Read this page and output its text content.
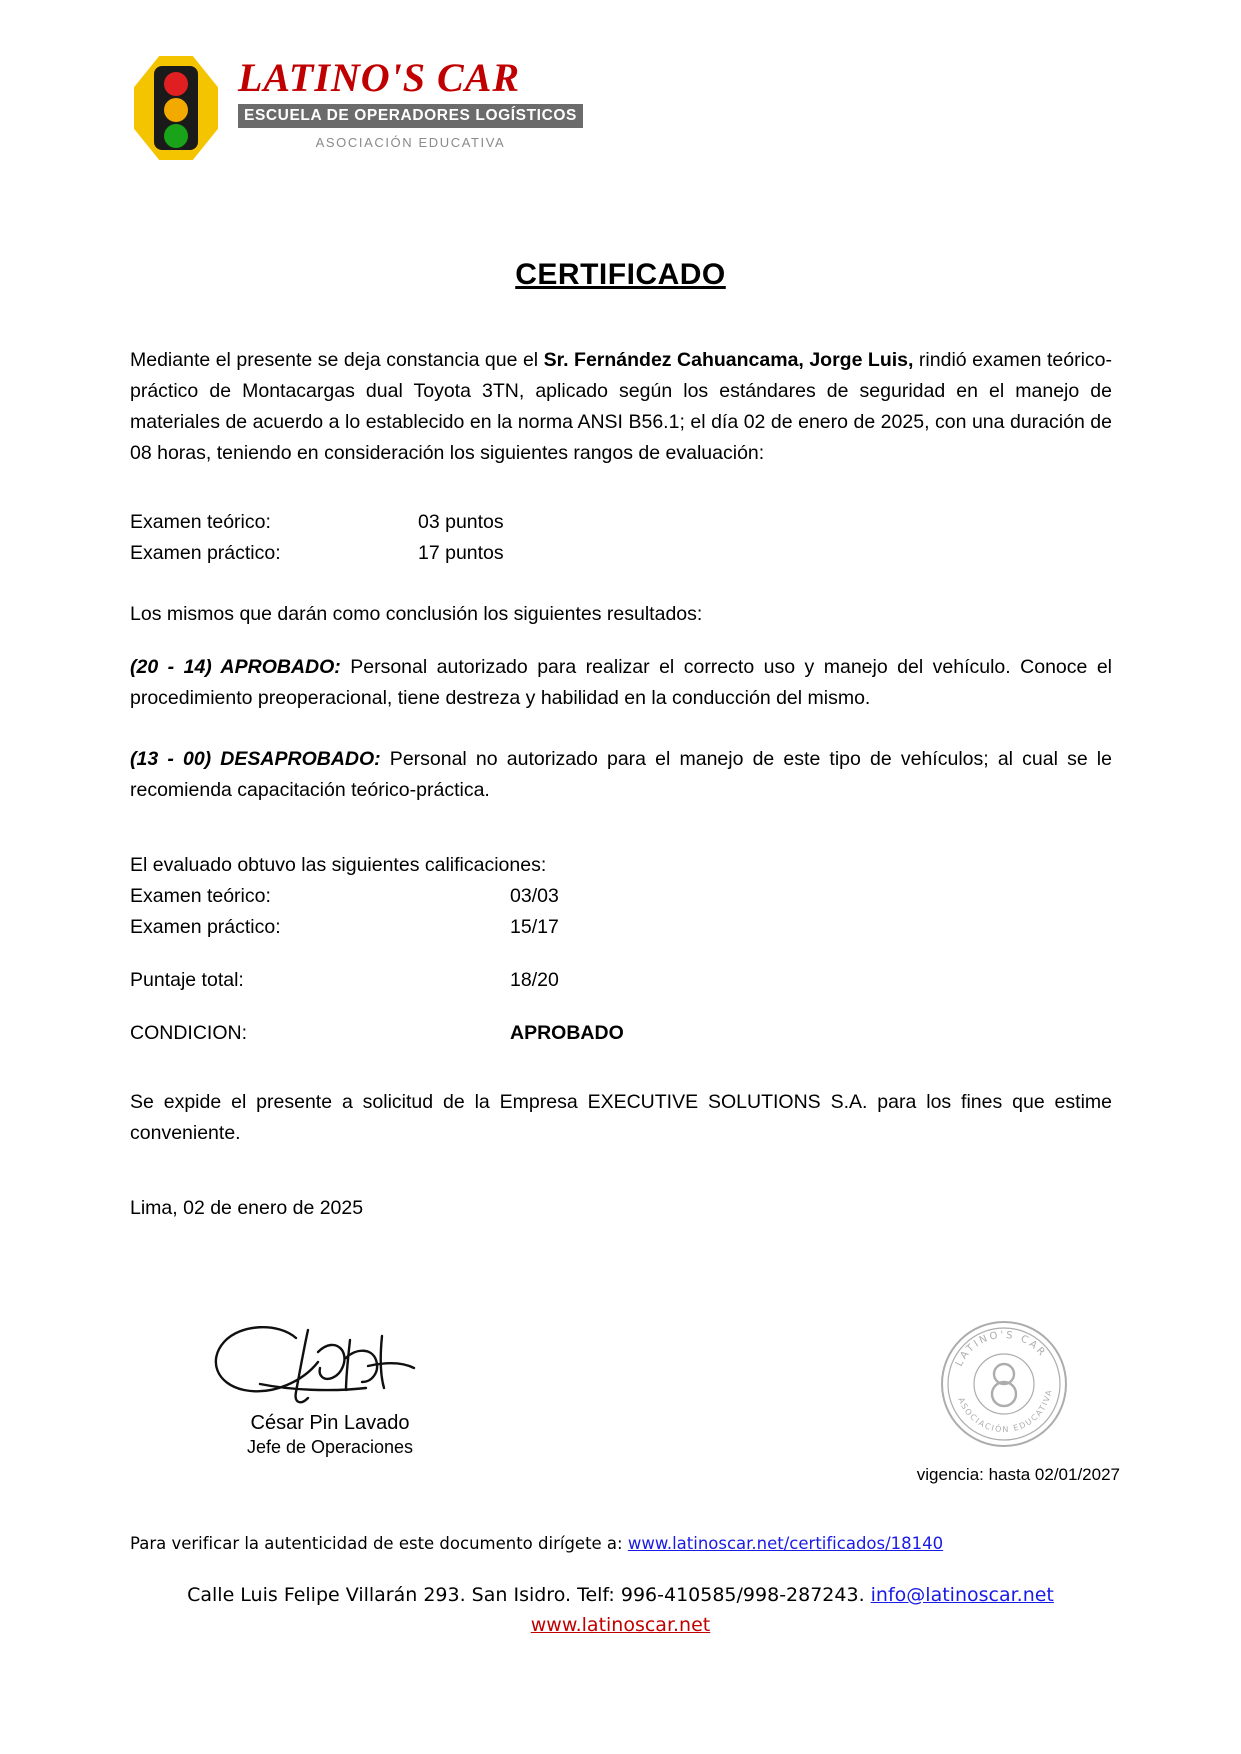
LATINO'S CAR
ESCUELA DE OPERADORES LOGÍSTICOS
ASOCIACIÓN EDUCATIVA
CERTIFICADO

Mediante el presente se deja constancia que el Sr. Fernández Cahuancama, Jorge Luis, rindió examen teórico-práctico de Montacargas dual Toyota 3TN, aplicado según los estándares de seguridad en el manejo de materiales de acuerdo a lo establecido en la norma ANSI B56.1; el día 02 de enero de 2025, con una duración de 08 horas, teniendo en consideración los siguientes rangos de evaluación:

Examen teórico:	03 puntos
Examen práctico:	17 puntos

Los mismos que darán como conclusión los siguientes resultados:

(20 - 14) APROBADO: Personal autorizado para realizar el correcto uso y manejo del vehículo. Conoce el procedimiento preoperacional, tiene destreza y habilidad en la conducción del mismo.

(13 - 00) DESAPROBADO: Personal no autorizado para el manejo de este tipo de vehículos; al cual se le recomienda capacitación teórico-práctica.

El evaluado obtuvo las siguientes calificaciones:

Examen teórico:	03/03
Examen práctico:	15/17
Puntaje total:	18/20
CONDICION:	APROBADO

Se expide el presente a solicitud de la Empresa EXECUTIVE SOLUTIONS S.A. para los fines que estime conveniente.

Lima, 02 de enero de 2025

César Pin Lavado
Jefe de Operaciones
LATINO'S CAR
ASOCIACIÓN EDUCATIVA
vigencia: hasta 02/01/2027
Para verificar la autenticidad de este documento dirígete a: www.latinoscar.net/certificados/18140
Calle Luis Felipe Villarán 293. San Isidro. Telf: 996-410585/998-287243. info@latinoscar.net
www.latinoscar.net
